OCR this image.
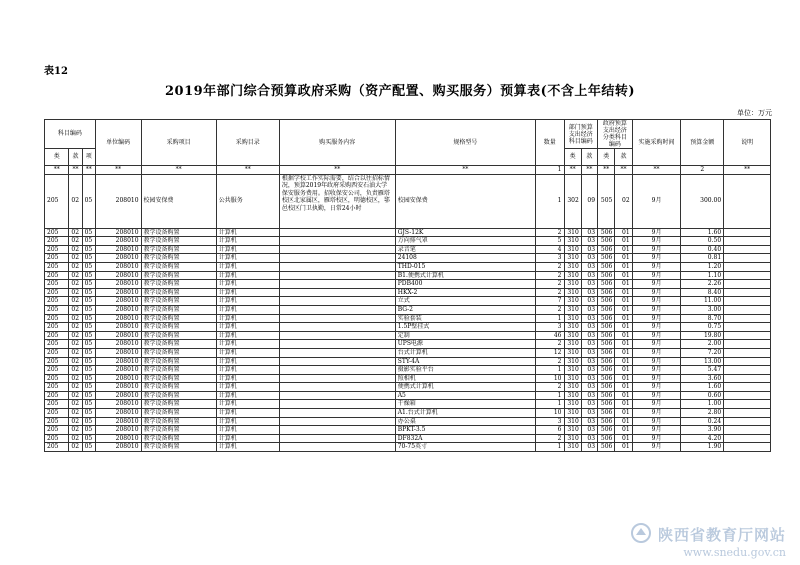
表12
2019年部门综合预算政府采购（资产配置、购买服务）预算表(不含上年结转)
单位：万元
科目编码			单位编码	采购项目	采购目录	购买服务内容	规格型号	数量	部门预算支出经济科目编码		政府预算支出经济分类科目编码		实施采购时间	预算金额	说明
类	款	项							类	款	类	款			
**	**	**	**	**	**	**	**	1	**	**	**	**	**	2	**
205	02	05	208010	校园安保费	公共服务	根据学校工作实际需要，结合以往招标情况，预算2019年政府采购西安石油大学保安服务费用。招收保安公司，负责雁塔校区北家属区，雁塔校区，明德校区，鄠邑校区门卫执勤，日常24小时	校园安保费	1	302	09	505	02	9月	300.00	
205	02	05	208010	教学设备购置	计算机		GJS-12K	2	310	03	506	01	9月	1.60	
205	02	05	208010	教学设备购置	计算机		万向排气罩	5	310	03	506	01	9月	0.50	
205	02	05	208010	教学设备购置	计算机		录音笔	4	310	03	506	01	9月	0.40	
205	02	05	208010	教学设备购置	计算机		24108	3	310	03	506	01	9月	0.81	
205	02	05	208010	教学设备购置	计算机		THD-015	2	310	03	506	01	9月	1.20	
205	02	05	208010	教学设备购置	计算机		B1.便携式计算机	2	310	03	506	01	9月	1.10	
205	02	05	208010	教学设备购置	计算机		PDB400	2	310	03	506	01	9月	2.26	
205	02	05	208010	教学设备购置	计算机		HKX-2	2	310	03	506	01	9月	8.40	
205	02	05	208010	教学设备购置	计算机		立式	7	310	03	506	01	9月	11.00	
205	02	05	208010	教学设备购置	计算机		BG-2	2	310	03	506	01	9月	3.00	
205	02	05	208010	教学设备购置	计算机		实验套装	1	310	03	506	01	9月	8.70	
205	02	05	208010	教学设备购置	计算机		1.5P壁挂式	3	310	03	506	01	9月	0.75	
205	02	05	208010	教学设备购置	计算机		定制	46	310	03	506	01	9月	19.80	
205	02	05	208010	教学设备购置	计算机		UPS电源	2	310	03	506	01	9月	2.00	
205	02	05	208010	教学设备购置	计算机		台式计算机	12	310	03	506	01	9月	7.20	
205	02	05	208010	教学设备购置	计算机		STY-4A	2	310	03	506	01	9月	13.00	
205	02	05	208010	教学设备购置	计算机		摄影实验平台	1	310	03	506	01	9月	5.47	
205	02	05	208010	教学设备购置	计算机		照相机	10	310	03	506	01	9月	3.60	
205	02	05	208010	教学设备购置	计算机		便携式计算机	2	310	03	506	01	9月	1.60	
205	02	05	208010	教学设备购置	计算机		A5	1	310	03	506	01	9月	0.60	
205	02	05	208010	教学设备购置	计算机		干燥箱	1	310	03	506	01	9月	1.00	
205	02	05	208010	教学设备购置	计算机		A1.台式计算机	10	310	03	506	01	9月	2.80	
205	02	05	208010	教学设备购置	计算机		办公桌	3	310	03	506	01	9月	0.24	
205	02	05	208010	教学设备购置	计算机		BPKT-3.5	6	310	03	506	01	9月	3.90	
205	02	05	208010	教学设备购置	计算机		DF832A	2	310	03	506	01	9月	4.20	
205	02	05	208010	教学设备购置	计算机		70-75英寸	1	310	03	506	01	9月	1.90	
陕西省教育厅网站
www.snedu.gov.cn
